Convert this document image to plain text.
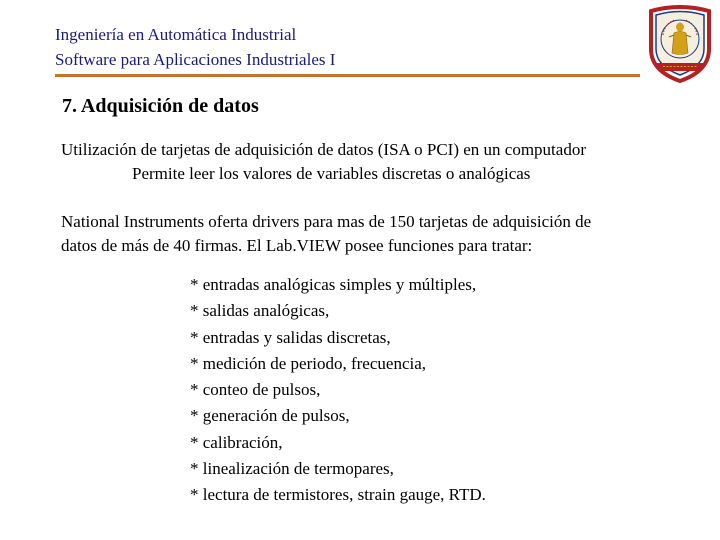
Ingeniería en Automática Industrial
Software para Aplicaciones Industriales I
7. Adquisición de datos
Utilización de tarjetas de adquisición de datos (ISA o PCI) en un computador
Permite leer los valores de variables discretas o analógicas
National Instruments oferta drivers para mas de 150 tarjetas de adquisición de
datos de más de 40 firmas. El Lab.VIEW posee funciones para tratar:
* entradas analógicas simples y múltiples,
* salidas analógicas,
* entradas y salidas discretas,
* medición de periodo, frecuencia,
* conteo de pulsos,
* generación de pulsos,
* calibración,
* linealización de termopares,
* lectura de termistores, strain gauge, RTD.
